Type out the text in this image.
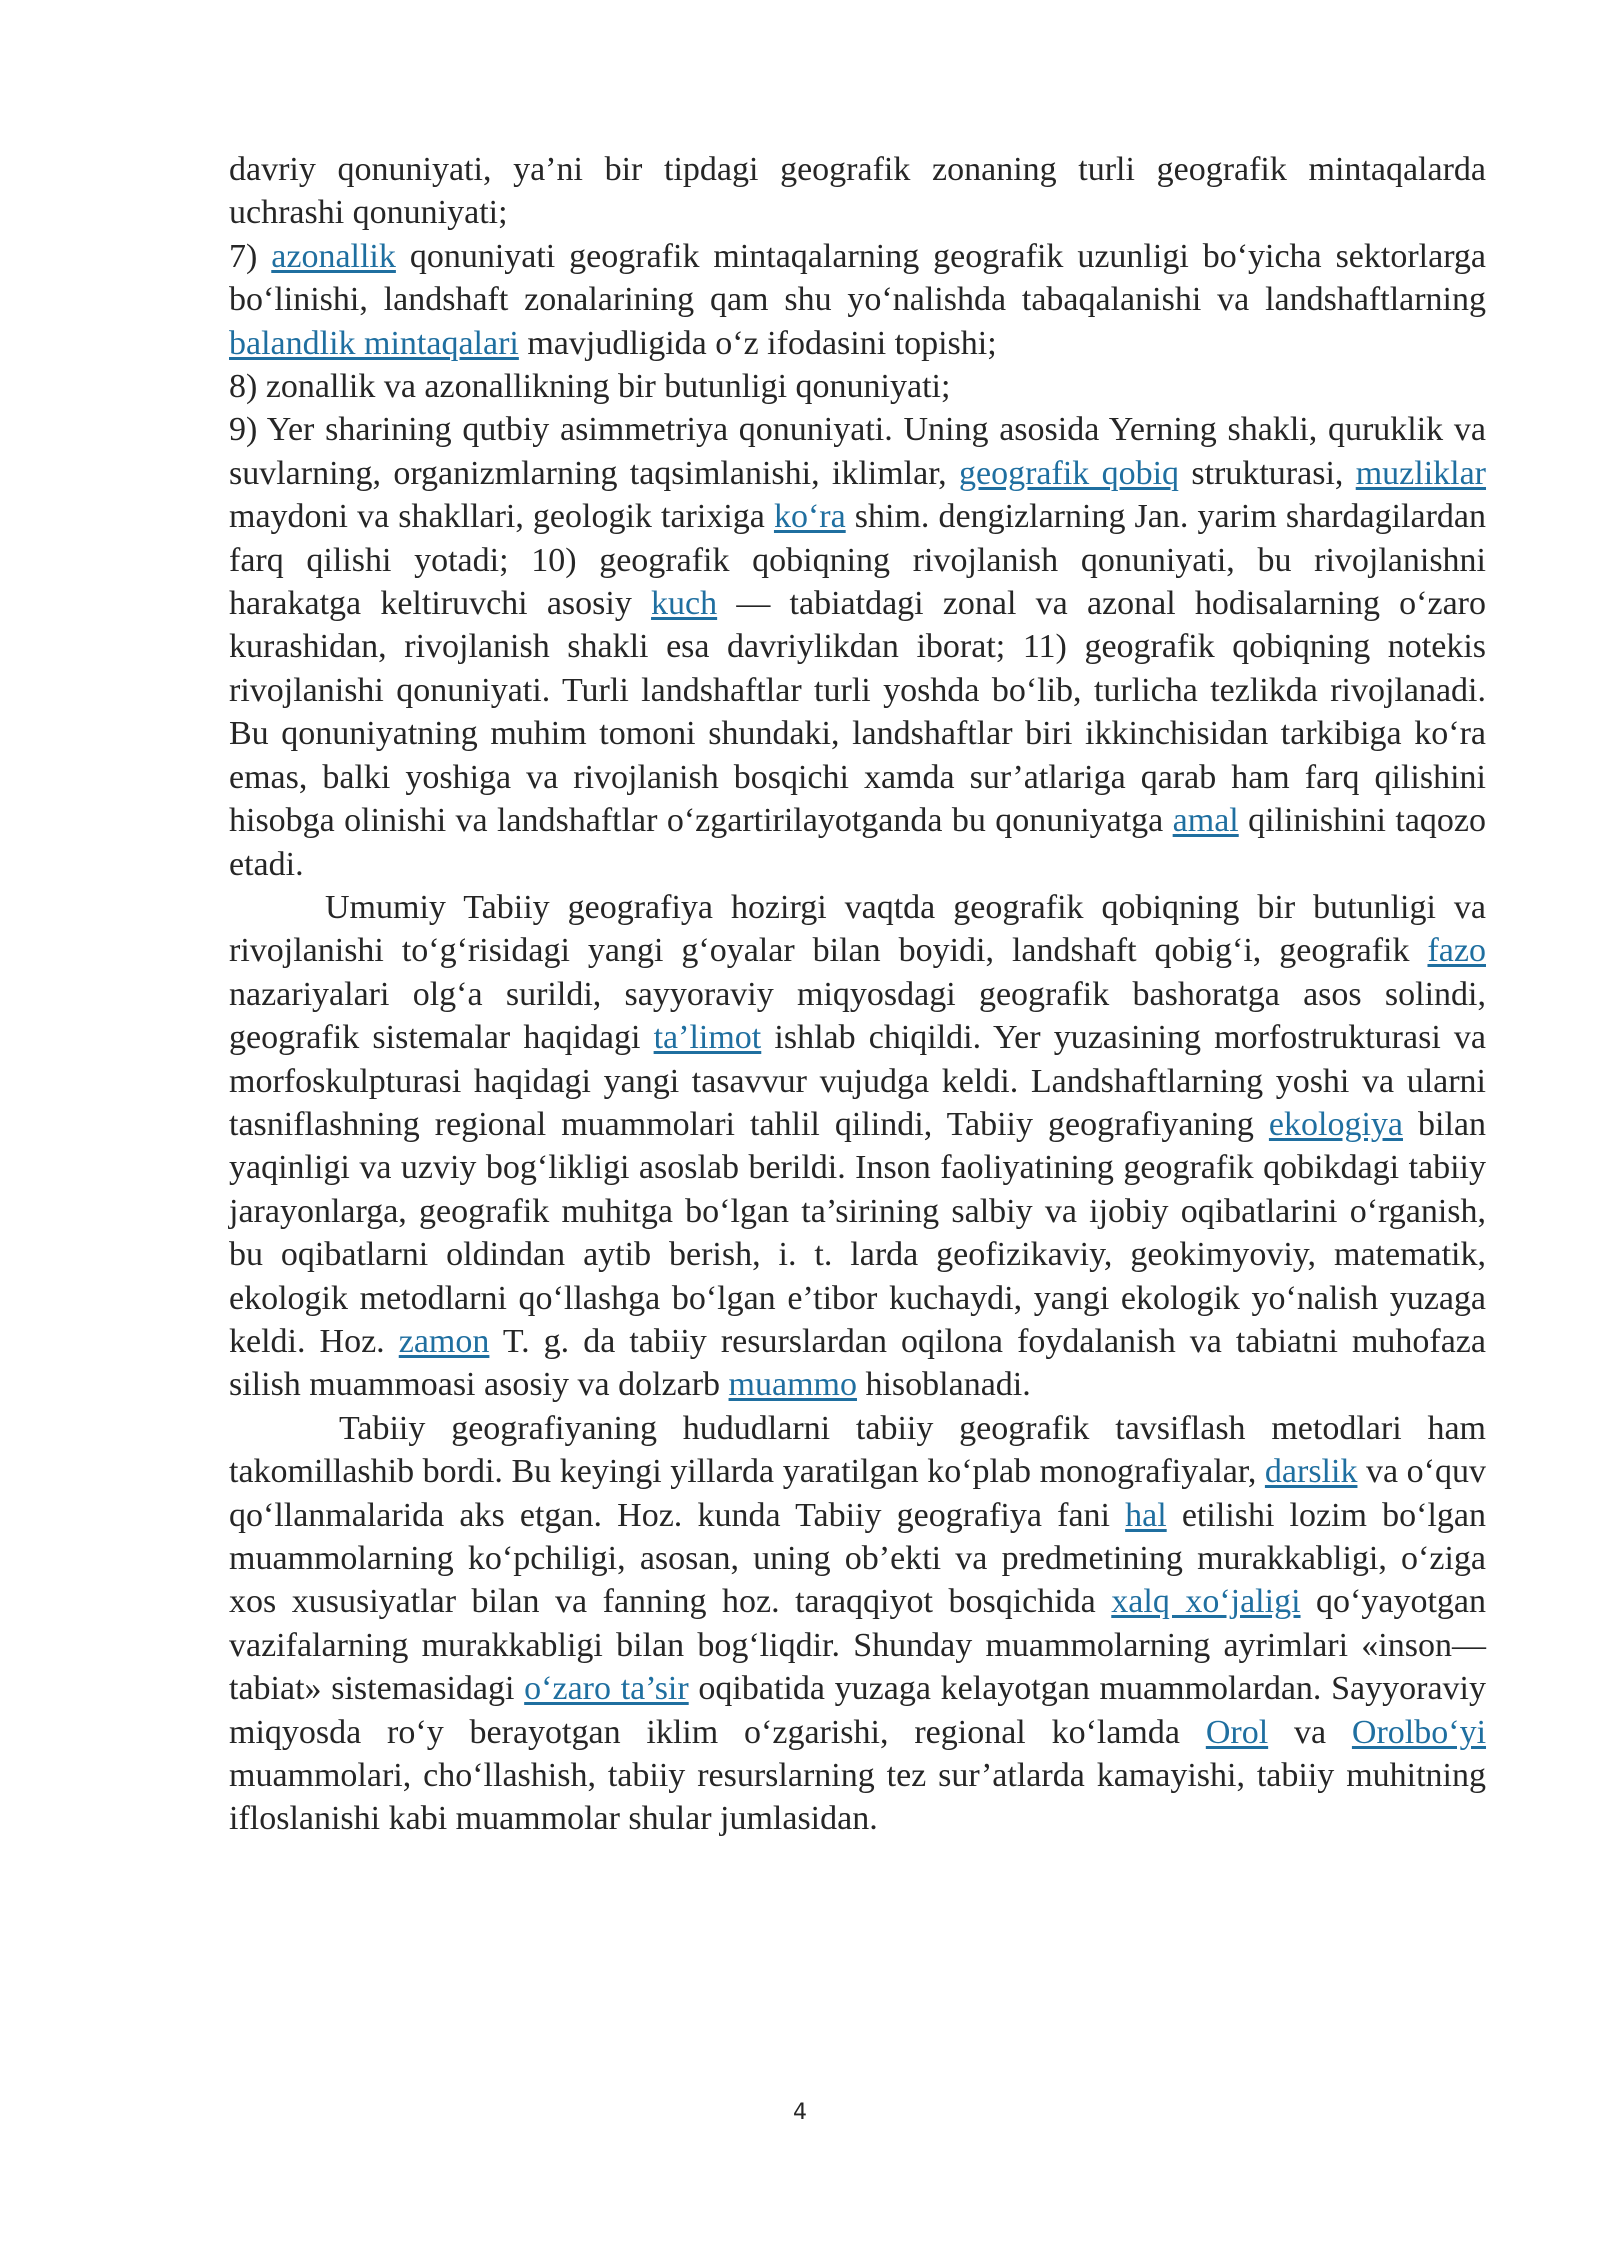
davriy qonuniyati, ya’ni bir tipdagi geografik zonaning turli geografik mintaqalarda uchrashi qonuniyati;
7) azonallik qonuniyati geografik mintaqalarning geografik uzunligi bo‘yicha sektorlarga bo‘linishi, landshaft zonalarining qam shu yo‘nalishda tabaqalanishi va landshaftlarning balandlik mintaqalari mavjudligida o‘z ifodasini topishi;
8) zonallik va azonallikning bir butunligi qonuniyati;
9) Yer sharining qutbiy asimmetriya qonuniyati. Uning asosida Yerning shakli, quruklik va suvlarning, organizmlarning taqsimlanishi, iklimlar, geografik qobiq strukturasi, muzliklar maydoni va shakllari, geologik tarixiga ko‘ra shim. dengizlarning Jan. yarim shardagilardan farq qilishi yotadi; 10) geografik qobiqning rivojlanish qonuniyati, bu rivojlanishni harakatga keltiruvchi asosiy kuch — tabiatdagi zonal va azonal hodisalarning o‘zaro kurashidan, rivojlanish shakli esa davriylikdan iborat; 11) geografik qobiqning notekis rivojlanishi qonuniyati. Turli landshaftlar turli yoshda bo‘lib, turlicha tezlikda rivojlanadi. Bu qonuniyatning muhim tomoni shundaki, landshaftlar biri ikkinchisidan tarkibiga ko‘ra emas, balki yoshiga va rivojlanish bosqichi xamda sur’atlariga qarab ham farq qilishini hisobga olinishi va landshaftlar o‘zgartirilayotganda bu qonuniyatga amal qilinishini taqozo etadi.

Umumiy Tabiiy geografiya hozirgi vaqtda geografik qobiqning bir butunligi va rivojlanishi to‘g‘risidagi yangi g‘oyalar bilan boyidi, landshaft qobig‘i, geografik fazo nazariyalari olg‘a surildi, sayyoraviy miqyosdagi geografik bashoratga asos solindi, geografik sistemalar haqidagi ta’limot ishlab chiqildi. Yer yuzasining morfostrukturasi va morfoskulpturasi haqidagi yangi tasavvur vujudga keldi. Landshaftlarning yoshi va ularni tasniflashning regional muammolari tahlil qilindi, Tabiiy geografiyaning ekologiya bilan yaqinligi va uzviy bog‘likligi asoslab berildi. Inson faoliyatining geografik qobikdagi tabiiy jarayonlarga, geografik muhitga bo‘lgan ta’sirining salbiy va ijobiy oqibatlarini o‘rganish, bu oqibatlarni oldindan aytib berish, i. t. larda geofizikaviy, geokimyoviy, matematik, ekologik metodlarni qo‘llashga bo‘lgan e’tibor kuchaydi, yangi ekologik yo‘nalish yuzaga keldi. Hoz. zamon T. g. da tabiiy resurslardan oqilona foydalanish va tabiatni muhofaza silish muammoasi asosiy va dolzarb muammo hisoblanadi.

Tabiiy geografiyaning hududlarni tabiiy geografik tavsiflash metodlari ham takomillashib bordi. Bu keyingi yillarda yaratilgan ko‘plab monografiyalar, darslik va o‘quv qo‘llanmalarida aks etgan. Hoz. kunda Tabiiy geografiya fani hal etilishi lozim bo‘lgan muammolarning ko‘pchiligi, asosan, uning ob’ekti va predmetining murakkabligi, o‘ziga xos xususiyatlar bilan va fanning hoz. taraqqiyot bosqichida xalq xo‘jaligi qo‘yayotgan vazifalarning murakkabligi bilan bog‘liqdir. Shunday muammolarning ayrimlari «inson—tabiat» sistemasidagi o‘zaro ta’sir oqibatida yuzaga kelayotgan muammolardan. Sayyoraviy miqyosda ro‘y berayotgan iklim o‘zgarishi, regional ko‘lamda Orol va Orolbo‘yi muammolari, cho‘llashish, tabiiy resurslarning tez sur’atlarda kamayishi, tabiiy muhitning ifloslanishi kabi muammolar shular jumlasidan.

4
